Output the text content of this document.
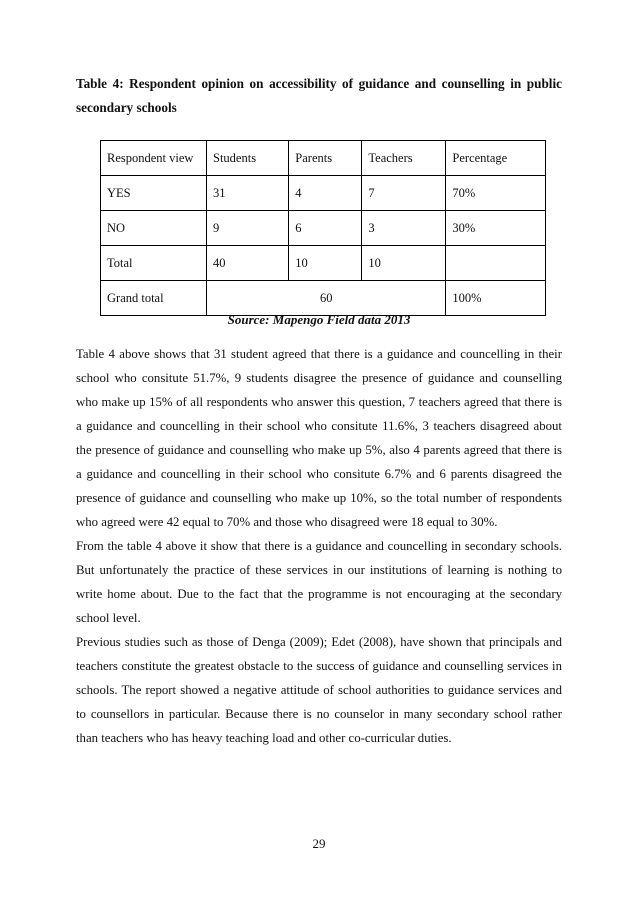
Table 4: Respondent opinion on accessibility of guidance and counselling in public
secondary schools
Respondent view	Students	Parents	Teachers	Percentage
YES	31	4	7	70%
NO	9	6	3	30%
Total	40	10	10	
Grand total	60			100%
Source: Mapengo Field data 2013

Table 4 above shows that 31 student agreed that there is a guidance and councelling in their school who consitute 51.7%, 9 students disagree the presence of guidance and counselling who make up 15% of all respondents who answer this question, 7 teachers agreed that there is a guidance and councelling in their school who consitute 11.6%, 3 teachers disagreed about the presence of guidance and counselling who make up 5%, also 4 parents agreed that there is a guidance and councelling in their school who consitute 6.7% and 6 parents disagreed the presence of guidance and counselling who make up 10%, so the total number of respondents who agreed were 42 equal to 70% and those who disagreed were 18 equal to 30%.

From the table 4 above it show that there is a guidance and councelling in secondary schools. But unfortunately the practice of these services in our institutions of learning is nothing to write home about. Due to the fact that the programme is not encouraging at the secondary school level.

Previous studies such as those of Denga (2009); Edet (2008), have shown that principals and teachers constitute the greatest obstacle to the success of guidance and counselling services in schools. The report showed a negative attitude of school authorities to guidance services and to counsellors in particular. Because there is no counselor in many secondary school rather than teachers who has heavy teaching load and other co-curricular duties.

29
